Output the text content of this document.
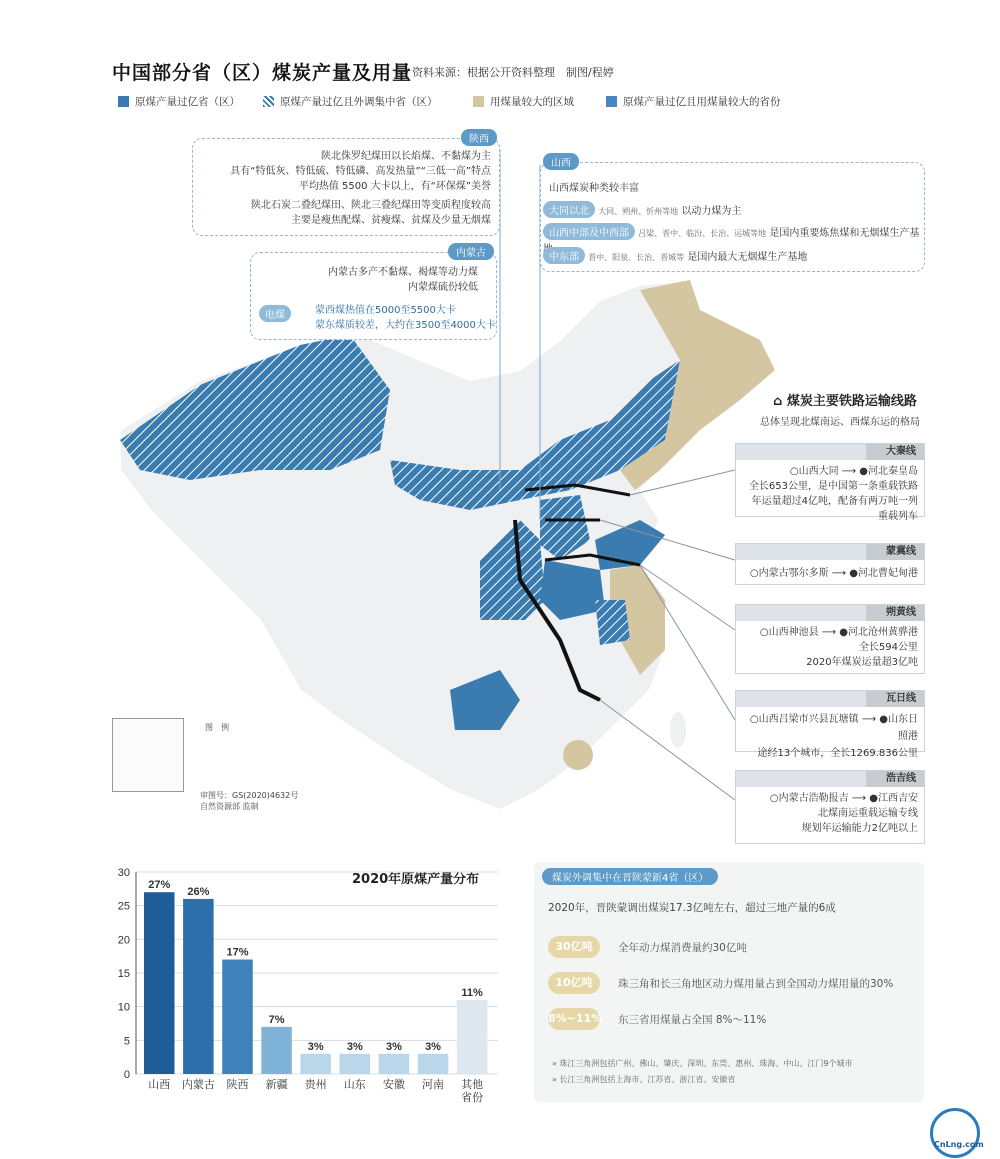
中国部分省（区）煤炭产量及用量 资料来源：根据公开资料整理　制图/程婷
原煤产量过亿省（区）	原煤产量过亿且外调集中省（区）	用煤量较大的区域	原煤产量过亿且用煤量较大的省份
陕西
陕北侏罗纪煤田以长焰煤、不黏煤为主
具有“特低灰、特低硫、特低磷、高发热量”“三低一高”特点
平均热值 5500 大卡以上，有“环保煤”美誉
陕北石炭二叠纪煤田、陕北三叠纪煤田等变质程度较高
主要是瘦焦配煤、贫瘦煤、贫煤及少量无烟煤
内蒙古
内蒙古多产不黏煤、褐煤等动力煤
内蒙煤硫份较低
电煤	蒙西煤热值在5000至5500大卡
蒙东煤质较差，大约在3500至4000大卡
山西
山西煤炭种类较丰富
大同以北 大同、朔州、忻州等地 以动力煤为主
山西中部及中西部 吕梁、晋中、临汾、长治、运城等地 是国内重要炼焦煤和无烟煤生产基
中东部 晋中、阳泉、长治、晋城等 是国内最大无烟煤生产基地
⌂ 煤炭主要铁路运输线路
总体呈现北煤南运、西煤东运的格局
大秦线
○山西大同 ⟶ ●河北秦皇岛
全长653公里，是中国第一条重载铁路
年运量超过4亿吨，配备有两万吨一列重载列车
蒙冀线
○内蒙古鄂尔多斯 ⟶ ●河北曹妃甸港
朔黄线
○山西神池县 ⟶ ●河北沧州黄骅港
全长594公里
2020年煤炭运量超3亿吨
瓦日线
○山西吕梁市兴县瓦塘镇 ⟶ ●山东日照港
途经13个城市，全长1269.836公里
浩吉线
○内蒙古浩勒报吉 ⟶ ●江西吉安
北煤南运重载运输专线
规划年运输能力2亿吨以上
图　例
审图号：GS(2020)4632号
自然资源部 监制
2020年原煤产量分布
0
5
10
15
20
25
30
27%
山西
26%
内蒙古
17%
陕西
7%
新疆
3%
贵州
3%
山东
3%
安徽
3%
河南
11%
其他
省份
煤炭外调集中在晋陕蒙新4省（区）
2020年，晋陕蒙调出煤炭17.3亿吨左右，超过三地产量的6成
30亿吨	全年动力煤消费量约30亿吨
10亿吨	珠三角和长三角地区动力煤用量占到全国动力煤用量的30%
8%~11% 东三省用煤量占全国 8%～11%
» 珠江三角洲包括广州、佛山、肇庆、深圳、东莞、惠州、珠海、中山、江门9个城市
» 长江三角洲包括上海市、江苏省、浙江省、安徽省
CnLng.com
